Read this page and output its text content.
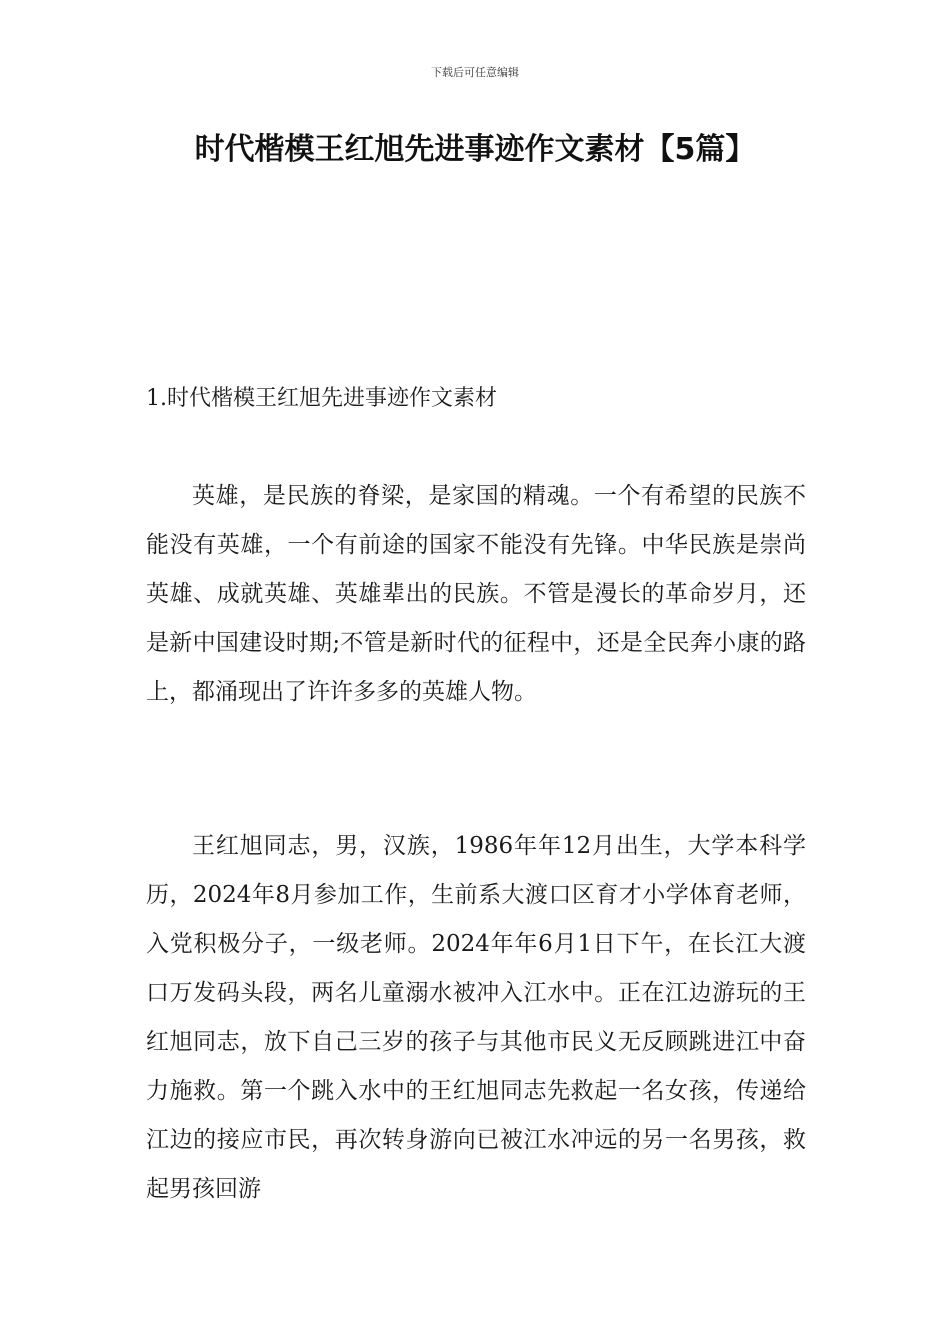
下载后可任意编辑
时代楷模王红旭先进事迹作文素材【5篇】
1.时代楷模王红旭先进事迹作文素材

英雄，是民族的脊梁，是家国的精魂。一个有希望的民族不能没有英雄，一个有前途的国家不能没有先锋。中华民族是崇尚英雄、成就英雄、英雄辈出的民族。不管是漫长的革命岁月，还是新中国建设时期;不管是新时代的征程中，还是全民奔小康的路上，都涌现出了许许多多的英雄人物。

王红旭同志，男，汉族，1986年年12月出生，大学本科学历，2024年8月参加工作，生前系大渡口区育才小学体育老师，入党积极分子，一级老师。2024年年6月1日下午，在长江大渡口万发码头段，两名儿童溺水被冲入江水中。正在江边游玩的王红旭同志，放下自己三岁的孩子与其他市民义无反顾跳进江中奋力施救。第一个跳入水中的王红旭同志先救起一名女孩，传递给江边的接应市民，再次转身游向已被江水冲远的另一名男孩，救起男孩回游
